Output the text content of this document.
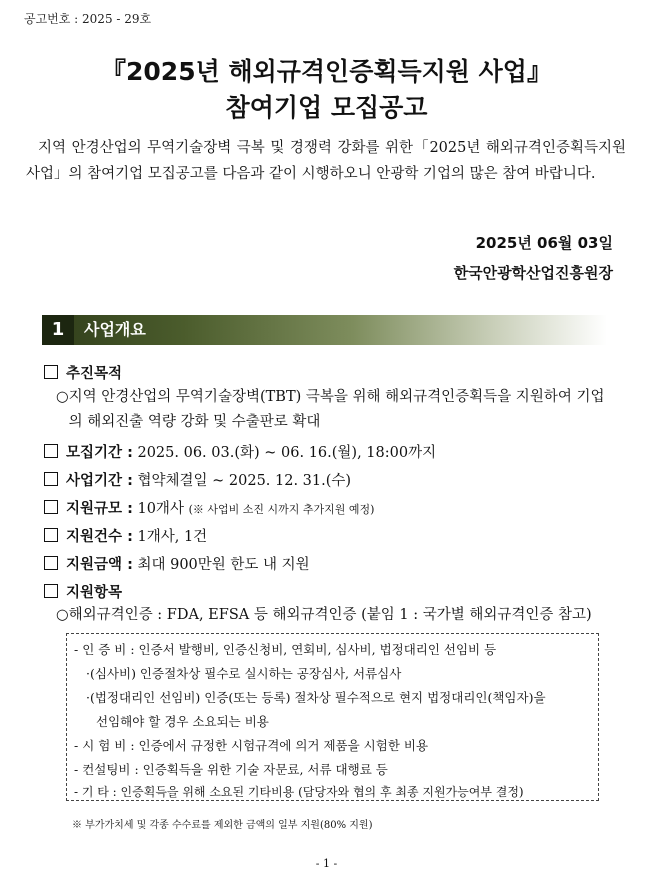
공고번호 : 2025 - 29호
『2025년 해외규격인증획득지원 사업』
참여기업 모집공고
지역 안경산업의 무역기술장벽 극복 및 경쟁력 강화를 위한「2025년 해외규격인증획득지원 사업」의 참여기업 모집공고를 다음과 같이 시행하오니 안광학 기업의 많은 참여 바랍니다.
2025년 06월 03일
한국안광학산업진흥원장
1	사업개요
추진목적
○지역 안경산업의 무역기술장벽(TBT) 극복을 위해 해외규격인증획득을 지원하여 기업의 해외진출 역량 강화 및 수출판로 확대
모집기간 : 2025. 06. 03.(화) ~ 06. 16.(월), 18:00까지
사업기간 : 협약체결일 ~ 2025. 12. 31.(수)
지원규모 : 10개사 (※ 사업비 소진 시까지 추가지원 예정)
지원건수 : 1개사, 1건
지원금액 : 최대 900만원 한도 내 지원
지원항목
○해외규격인증 : FDA, EFSA 등 해외규격인증 (붙임 1 : 국가별 해외규격인증 참고)
- 인 증 비 : 인증서 발행비, 인증신청비, 연회비, 심사비, 법정대리인 선임비 등
·(심사비) 인증절차상 필수로 실시하는 공장심사, 서류심사
·(법정대리인 선임비) 인증(또는 등록) 절차상 필수적으로 현지 법정대리인(책임자)을
선임해야 할 경우 소요되는 비용
- 시 험 비 : 인증에서 규정한 시험규격에 의거 제품을 시험한 비용
- 컨설팅비 : 인증획득을 위한 기술 자문료, 서류 대행료 등
- 기 타 : 인증획득을 위해 소요된 기타비용 (담당자와 협의 후 최종 지원가능여부 결정)
※ 부가가치세 및 각종 수수료를 제외한 금액의 일부 지원(80% 지원)
- 1 -
